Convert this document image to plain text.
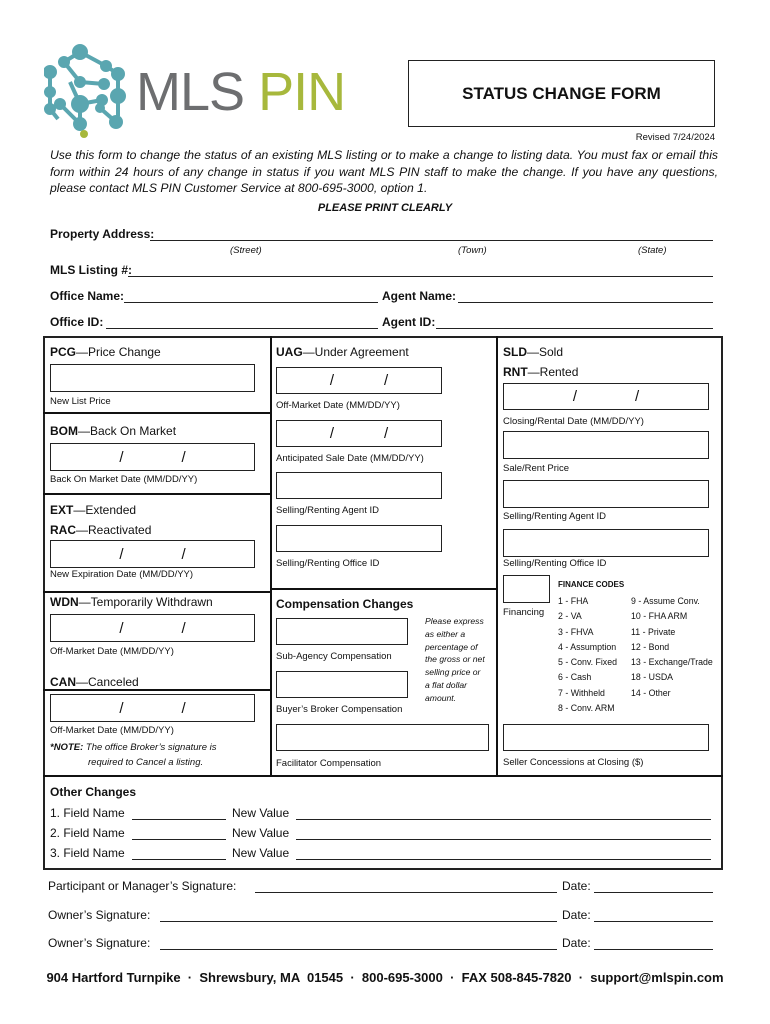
MLS PIN	STATUS CHANGE FORM
Revised 7/24/2024
Use this form to change the status of an existing MLS listing or to make a change to listing data. You must fax or email this form within 24 hours of any change in status if you want MLS PIN staff to make the change. If you have any questions, please contact MLS PIN Customer Service at 800-695-3000, option 1.
PLEASE PRINT CLEARLY
Property Address:
(Street)	(Town)	(State)
MLS Listing #:
Office Name:	Agent Name:
Office ID:	Agent ID:
PCG—Price Change
New List Price
BOM—Back On Market
/	/
Back On Market Date (MM/DD/YY)
EXT—Extended
RAC—Reactivated
/	/
New Expiration Date (MM/DD/YY)
WDN—Temporarily Withdrawn
/	/
Off-Market Date (MM/DD/YY)
CAN—Canceled
/	/
Off-Market Date (MM/DD/YY)
*NOTE: The office Broker’s signature is
required to Cancel a listing.
UAG—Under Agreement
/	/
Off-Market Date (MM/DD/YY)
/	/
Anticipated Sale Date (MM/DD/YY)
Selling/Renting Agent ID
Selling/Renting Office ID
Compensation Changes
Sub-Agency Compensation
Buyer’s Broker Compensation
Facilitator Compensation
Please express
as either a
percentage of
the gross or net
selling price or
a flat dollar
amount.
SLD—Sold
RNT—Rented
/	/
Closing/Rental Date (MM/DD/YY)
Sale/Rent Price
Selling/Renting Agent ID
Selling/Renting Office ID
Financing
FINANCE CODES
1 - FHA
2 - VA
3 - FHVA
4 - Assumption
5 - Conv. Fixed
6 - Cash
7 - Withheld
8 - Conv. ARM
9 - Assume Conv.
10 - FHA ARM
11 - Private
12 - Bond
13 - Exchange/Trade
18 - USDA
14 - Other
Seller Concessions at Closing ($)
Other Changes
1. Field Name	New Value
2. Field Name	New Value
3. Field Name	New Value
Participant or Manager’s Signature:	Date:
Owner’s Signature:	Date:
Owner’s Signature:	Date:
904 Hartford Turnpike  ·  Shrewsbury, MA  01545  ·  800-695-3000  ·  FAX 508-845-7820  ·  support@mlspin.com
